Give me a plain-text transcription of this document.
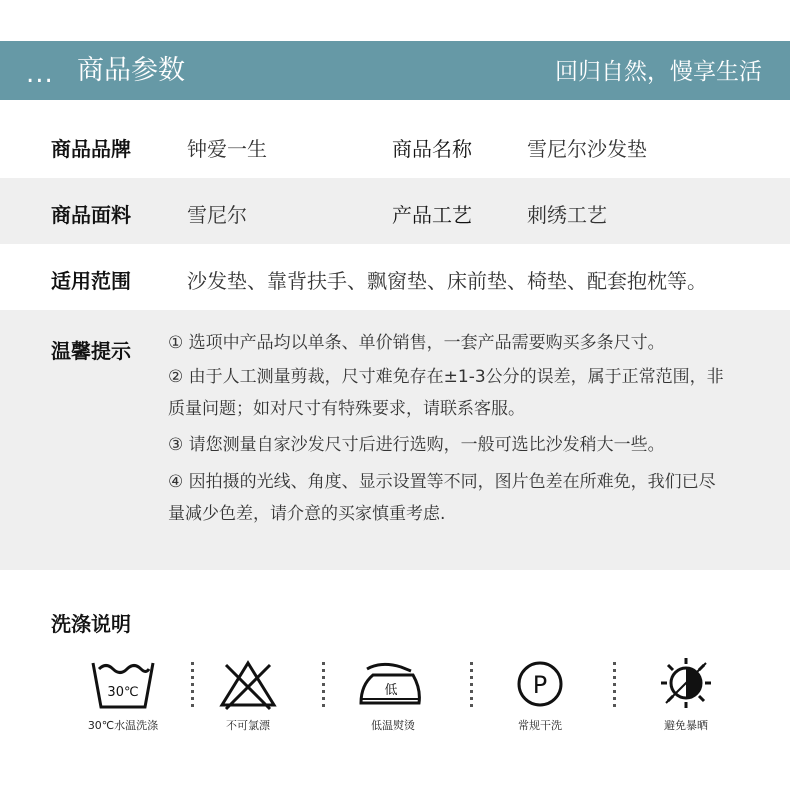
... 商品参数	回归自然，慢享生活
商品品牌	钟爱一生	商品名称	雪尼尔沙发垫
商品面料	雪尼尔	产品工艺	刺绣工艺
适用范围	沙发垫、靠背扶手、飘窗垫、床前垫、椅垫、配套抱枕等。
温馨提示 ① 选项中产品均以单条、单价销售，一套产品需要购买多条尺寸。
② 由于人工测量剪裁，尺寸难免存在±1-3公分的误差，属于正常范围，非质量问题；如对尺寸有特殊要求，请联系客服。
③ 请您测量自家沙发尺寸后进行选购，一般可选比沙发稍大一些。
④ 因拍摄的光线、角度、显示设置等不同，图片色差在所难免，我们已尽量减少色差，请介意的买家慎重考虑.
洗涤说明
30℃
30℃水温洗涤	不可氯漂
低
低温熨烫
P
常规干洗	避免暴晒
